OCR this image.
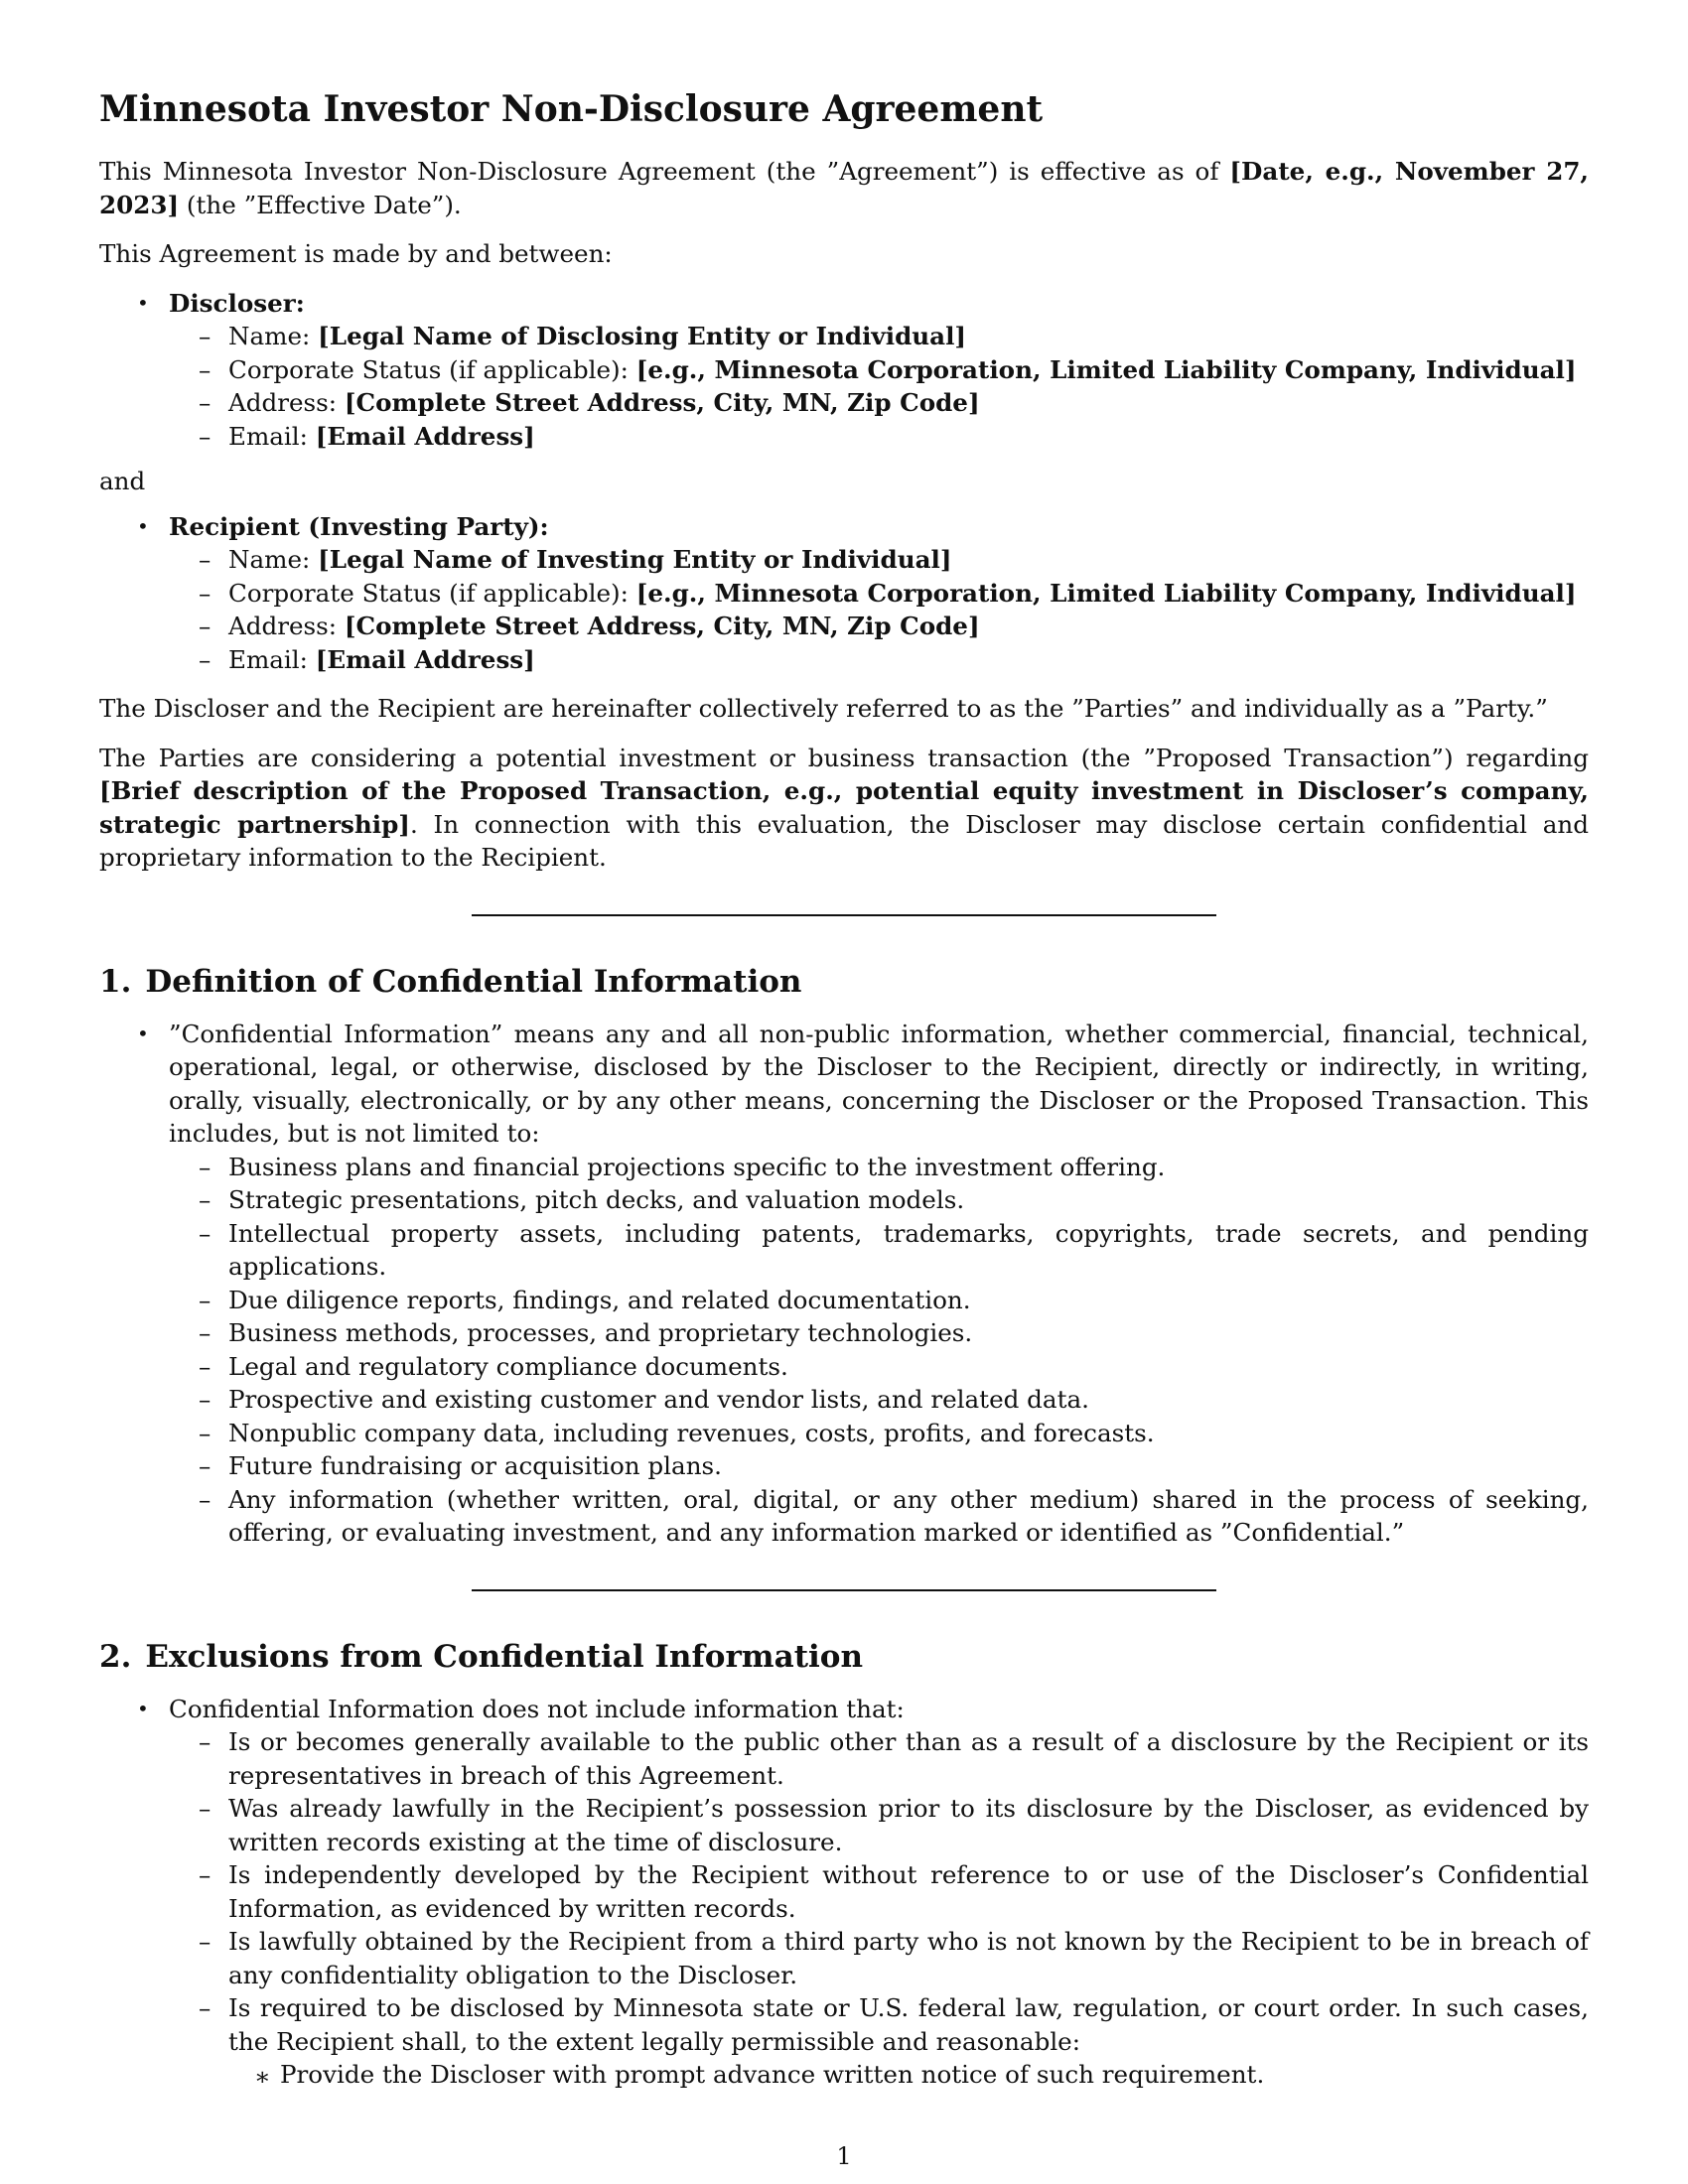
Minnesota Investor Non-Disclosure Agreement

This Minnesota Investor Non-Disclosure Agreement (the ”Agreement”) is effective as of [Date, e.g., November 27, 2023] (the ”Effective Date”).

This Agreement is made by and between:

• Discloser:
– Name: [Legal Name of Disclosing Entity or Individual]
– Corporate Status (if applicable): [e.g., Minnesota Corporation, Limited Liability Company, Individual]
– Address: [Complete Street Address, City, MN, Zip Code]
– Email: [Email Address]
and
• Recipient (Investing Party):
– Name: [Legal Name of Investing Entity or Individual]
– Corporate Status (if applicable): [e.g., Minnesota Corporation, Limited Liability Company, Individual]
– Address: [Complete Street Address, City, MN, Zip Code]
– Email: [Email Address]

The Discloser and the Recipient are hereinafter collectively referred to as the ”Parties” and individually as a ”Party.”

The Parties are considering a potential investment or business transaction (the ”Proposed Transaction”) regarding [Brief description of the Proposed Transaction, e.g., potential equity investment in Discloser’s company, strategic partnership]. In connection with this evaluation, the Discloser may disclose certain confidential and proprietary information to the Recipient.

1. Definition of Confidential Information
• ”Confidential Information” means any and all non-public information, whether commercial, financial, technical, operational, legal, or otherwise, disclosed by the Discloser to the Recipient, directly or indirectly, in writing, orally, visually, electronically, or by any other means, concerning the Discloser or the Proposed Transaction. This includes, but is not limited to:
– Business plans and financial projections specific to the investment offering.
– Strategic presentations, pitch decks, and valuation models.
– Intellectual property assets, including patents, trademarks, copyrights, trade secrets, and pending applications.
– Due diligence reports, findings, and related documentation.
– Business methods, processes, and proprietary technologies.
– Legal and regulatory compliance documents.
– Prospective and existing customer and vendor lists, and related data.
– Nonpublic company data, including revenues, costs, profits, and forecasts.
– Future fundraising or acquisition plans.
– Any information (whether written, oral, digital, or any other medium) shared in the process of seeking, offering, or evaluating investment, and any information marked or identified as ”Confidential.”
2. Exclusions from Confidential Information
• Confidential Information does not include information that:
– Is or becomes generally available to the public other than as a result of a disclosure by the Recipient or its representatives in breach of this Agreement.
– Was already lawfully in the Recipient’s possession prior to its disclosure by the Discloser, as evidenced by written records existing at the time of disclosure.
– Is independently developed by the Recipient without reference to or use of the Discloser’s Confidential Information, as evidenced by written records.
– Is lawfully obtained by the Recipient from a third party who is not known by the Recipient to be in breach of any confidentiality obligation to the Discloser.
– Is required to be disclosed by Minnesota state or U.S. federal law, regulation, or court order. In such cases, the Recipient shall, to the extent legally permissible and reasonable:
∗ Provide the Discloser with prompt advance written notice of such requirement.
1
